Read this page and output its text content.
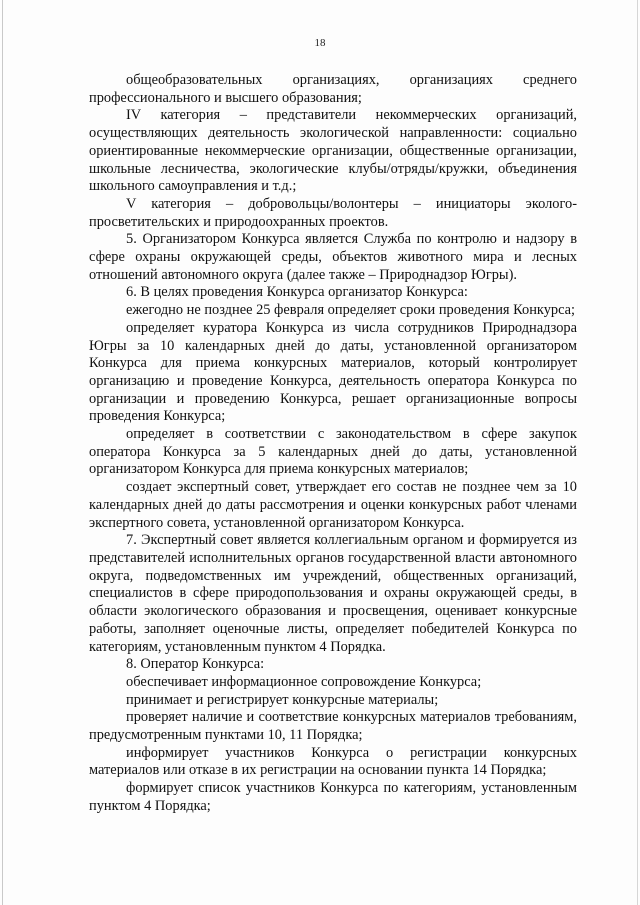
18

общеобразовательных организациях, организациях среднего профессионального и высшего образования;

IV категория – представители некоммерческих организаций, осуществляющих деятельность экологической направленности: социально ориентированные некоммерческие организации, общественные организации, школьные лесничества, экологические клубы/отряды/кружки, объединения школьного самоуправления и т.д.;

V категория – добровольцы/волонтеры – инициаторы эколого-просветительских и природоохранных проектов.

5. Организатором Конкурса является Служба по контролю и надзору в сфере охраны окружающей среды, объектов животного мира и лесных отношений автономного округа (далее также – Природнадзор Югры).

6. В целях проведения Конкурса организатор Конкурса:

ежегодно не позднее 25 февраля определяет сроки проведения Конкурса;

определяет куратора Конкурса из числа сотрудников Природнадзора Югры за 10 календарных дней до даты, установленной организатором Конкурса для приема конкурсных материалов, который контролирует организацию и проведение Конкурса, деятельность оператора Конкурса по организации и проведению Конкурса, решает организационные вопросы проведения Конкурса;

определяет в соответствии с законодательством в сфере закупок оператора Конкурса за 5 календарных дней до даты, установленной организатором Конкурса для приема конкурсных материалов;

создает экспертный совет, утверждает его состав не позднее чем за 10 календарных дней до даты рассмотрения и оценки конкурсных работ членами экспертного совета, установленной организатором Конкурса.

7. Экспертный совет является коллегиальным органом и формируется из представителей исполнительных органов государственной власти автономного округа, подведомственных им учреждений, общественных организаций, специалистов в сфере природопользования и охраны окружающей среды, в области экологического образования и просвещения, оценивает конкурсные работы, заполняет оценочные листы, определяет победителей Конкурса по категориям, установленным пунктом 4 Порядка.

8. Оператор Конкурса:

обеспечивает информационное сопровождение Конкурса;

принимает и регистрирует конкурсные материалы;

проверяет наличие и соответствие конкурсных материалов требованиям, предусмотренным пунктами 10, 11 Порядка;

информирует участников Конкурса о регистрации конкурсных материалов или отказе в их регистрации на основании пункта 14 Порядка;

формирует список участников Конкурса по категориям, установленным пунктом 4 Порядка;
